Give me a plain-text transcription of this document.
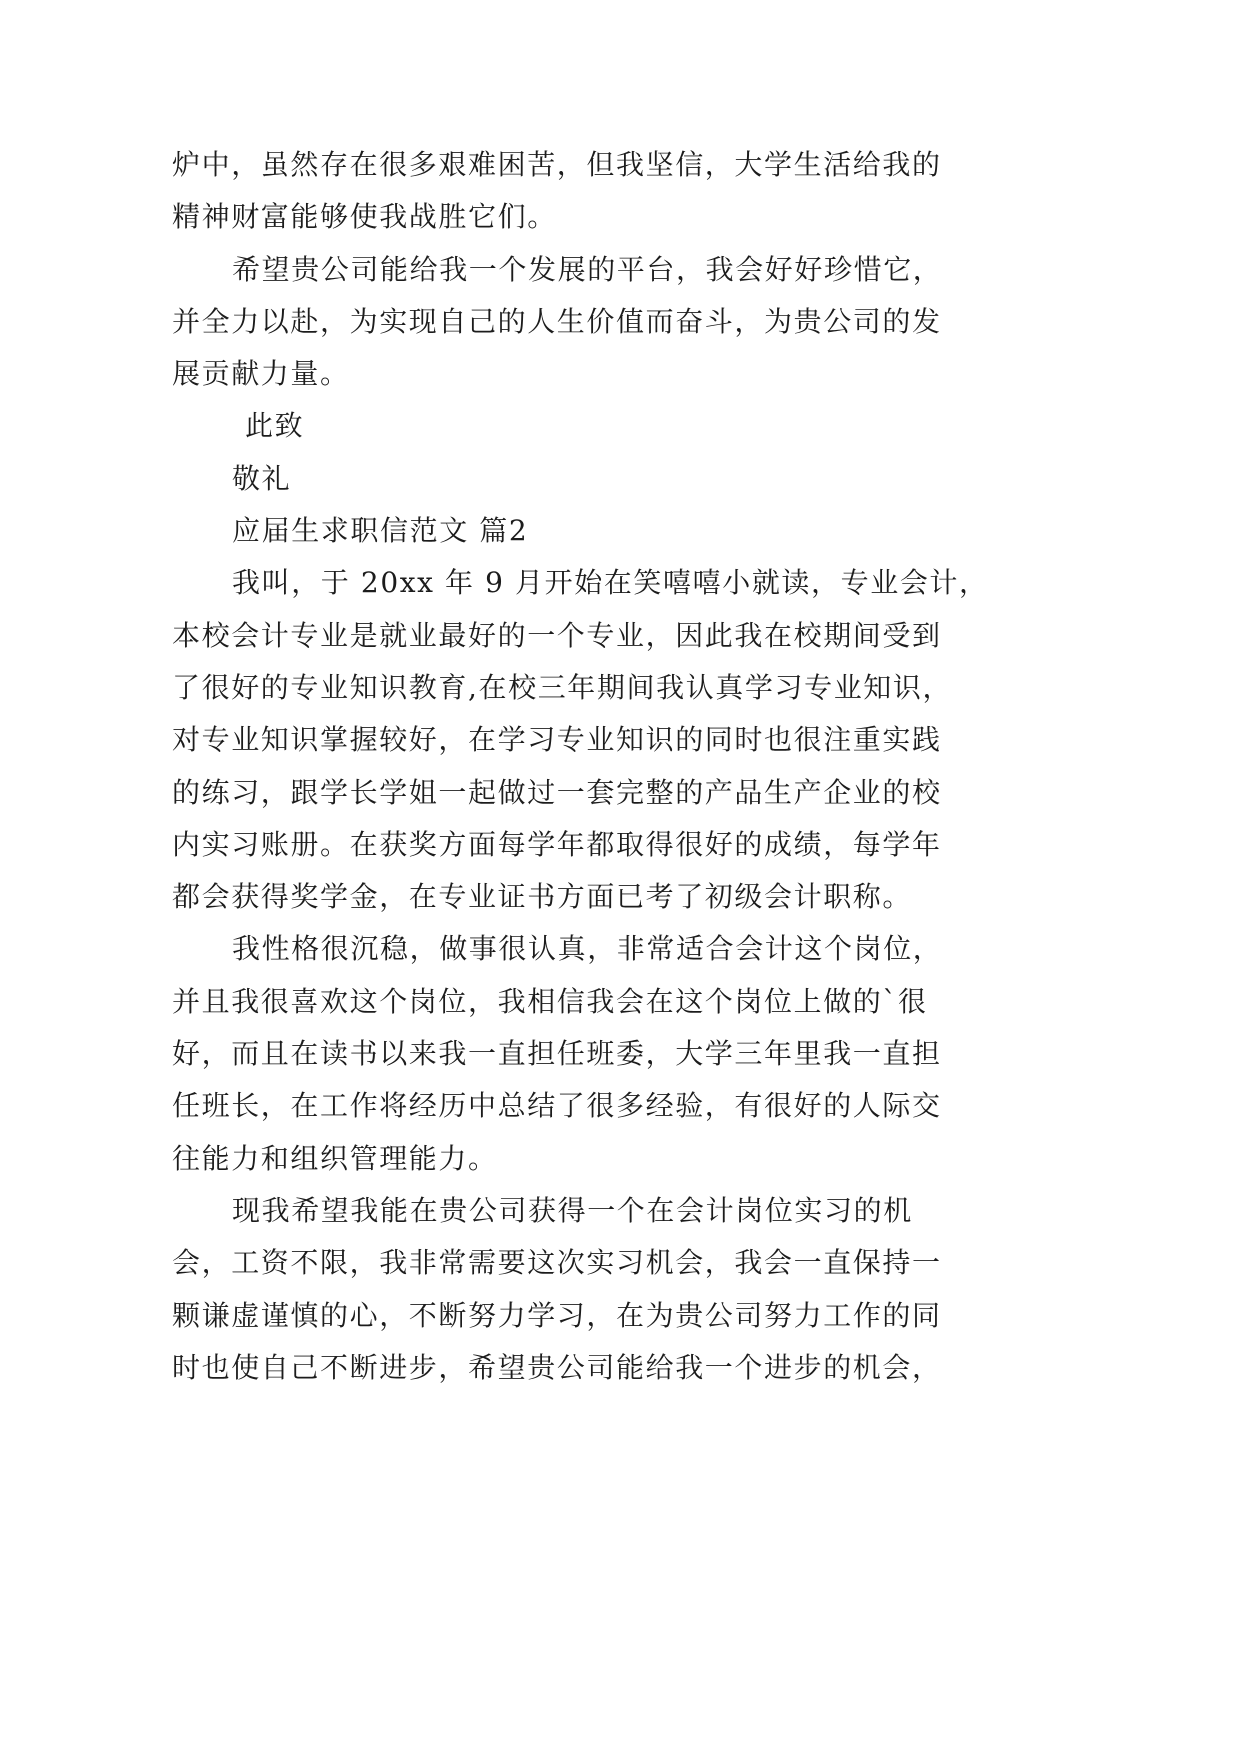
炉中，虽然存在很多艰难困苦，但我坚信，大学生活给我的
精神财富能够使我战胜它们。
希望贵公司能给我一个发展的平台，我会好好珍惜它，
并全力以赴，为实现自己的人生价值而奋斗，为贵公司的发
展贡献力量。
此致
敬礼
应届生求职信范文 篇2
我叫，于 20xx 年 9 月开始在笑嘻嘻小就读，专业会计，
本校会计专业是就业最好的一个专业，因此我在校期间受到
了很好的专业知识教育,在校三年期间我认真学习专业知识，
对专业知识掌握较好，在学习专业知识的同时也很注重实践
的练习，跟学长学姐一起做过一套完整的产品生产企业的校
内实习账册。在获奖方面每学年都取得很好的成绩，每学年
都会获得奖学金，在专业证书方面已考了初级会计职称。
我性格很沉稳，做事很认真，非常适合会计这个岗位，
并且我很喜欢这个岗位，我相信我会在这个岗位上做的`很
好，而且在读书以来我一直担任班委，大学三年里我一直担
任班长，在工作将经历中总结了很多经验，有很好的人际交
往能力和组织管理能力。
现我希望我能在贵公司获得一个在会计岗位实习的机
会，工资不限，我非常需要这次实习机会，我会一直保持一
颗谦虚谨慎的心，不断努力学习，在为贵公司努力工作的同
时也使自己不断进步，希望贵公司能给我一个进步的机会，
